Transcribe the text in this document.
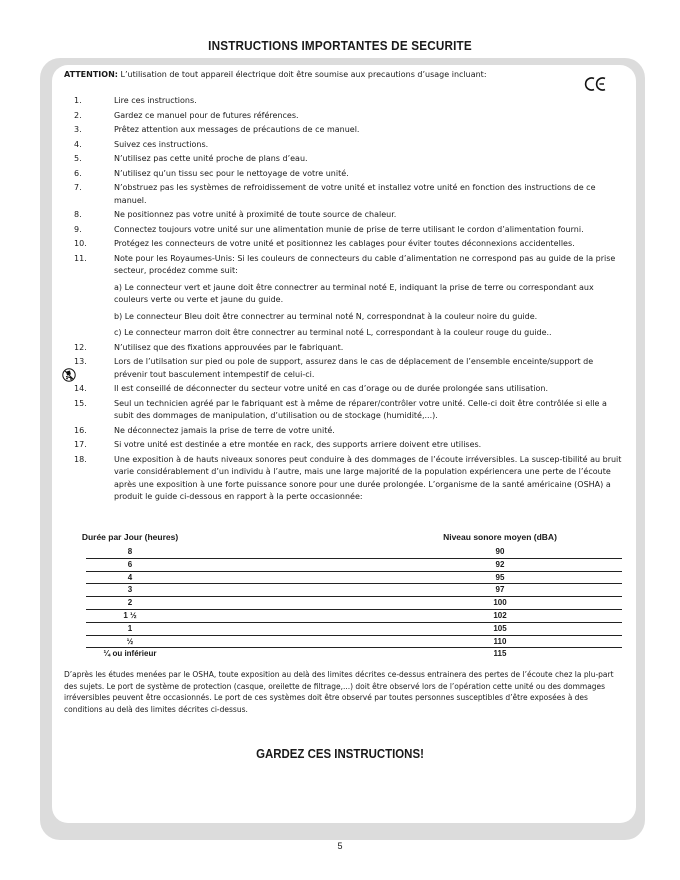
INSTRUCTIONS IMPORTANTES DE SECURITE
ATTENTION: L’utilisation de tout appareil électrique doit être soumise aux precautions d’usage incluant:
1.	Lire ces instructions.
2.	Gardez ce manuel pour de futures références.
3.	Prêtez attention aux messages de précautions de ce manuel.
4.	Suivez ces instructions.
5.	N’utilisez pas cette unité proche de plans d’eau.
6.	N’utilisez qu’un tissu sec pour le nettoyage de votre unité.
7.	N’obstruez pas les systèmes de refroidissement de votre unité et installez votre unité en fonction des instructions de ce manuel.
8.	Ne positionnez pas votre unité à proximité de toute source de chaleur.
9.	Connectez toujours votre unité sur une alimentation munie de prise de terre utilisant le cordon d’alimentation fourni.
10.	Protégez les connecteurs de votre unité et positionnez les cablages pour éviter toutes déconnexions accidentelles.
11.	Note pour les Royaumes-Unis: Si les couleurs de connecteurs du cable d’alimentation ne correspond pas au guide de la prise secteur, procédez comme suit:
a) Le connecteur vert et jaune doit être connectrer au terminal noté E, indiquant la prise de terre ou correspondant aux couleurs verte ou verte et jaune du guide.
b) Le connecteur Bleu doit être connectrer au terminal noté N, correspondnat à la couleur noire du guide.
c) Le connecteur marron doit être connectrer au terminal noté L, correspondant à la couleur rouge du guide..
12.	N’utilisez que des fixations approuvées par le fabriquant.
13.	Lors de l’utilsation sur pied ou pole de support, assurez dans le cas de déplacement de l’ensemble enceinte/support de prévenir tout basculement intempestif de celui-ci.
14.	Il est conseillé de déconnecter du secteur votre unité en cas d’orage ou de durée prolongée sans utilisation.
15.	Seul un technicien agréé par le fabriquant est à même de réparer/contrôler votre unité. Celle-ci doit être contrôlée si elle a subit des dommages de manipulation, d’utilisation ou de stockage (humidité,...).
16.	Ne déconnectez jamais la prise de terre de votre unité.
17.	Si votre unité est destinée a etre montée en rack, des supports arriere doivent etre utilises.
18.	Une exposition à de hauts niveaux sonores peut conduire à des dommages de l’écoute irréversibles. La suscep-tibilité au bruit varie considérablement d’un individu à l’autre, mais une large majorité de la population expériencera une perte de l’écoute après une exposition à une forte puissance sonore pour une durée prolongée. L’organisme de la santé américaine (OSHA) a produit le guide ci-dessous en rapport à la perte occasionnée:
Durée par Jour (heures)	Niveau sonore moyen (dBA)
8	90
6	92
4	95
3	97
2	100
1 ½	102
1	105
½	110
¼ ou inférieur	115
D’après les études menées par le OSHA, toute exposition au delà des limites décrites ce-dessus entrainera des pertes de l’écoute chez la plu-part des sujets. Le port de système de protection (casque, oreilette de filtrage,...) doit être observé lors de l’opération cette unité ou des dommages irréversibles peuvent être occasionnés. Le port de ces systèmes doit être observé par toutes personnes susceptibles d’être exposées à des conditions au delà des limites décrites ci-dessus.
GARDEZ CES INSTRUCTIONS!
5
